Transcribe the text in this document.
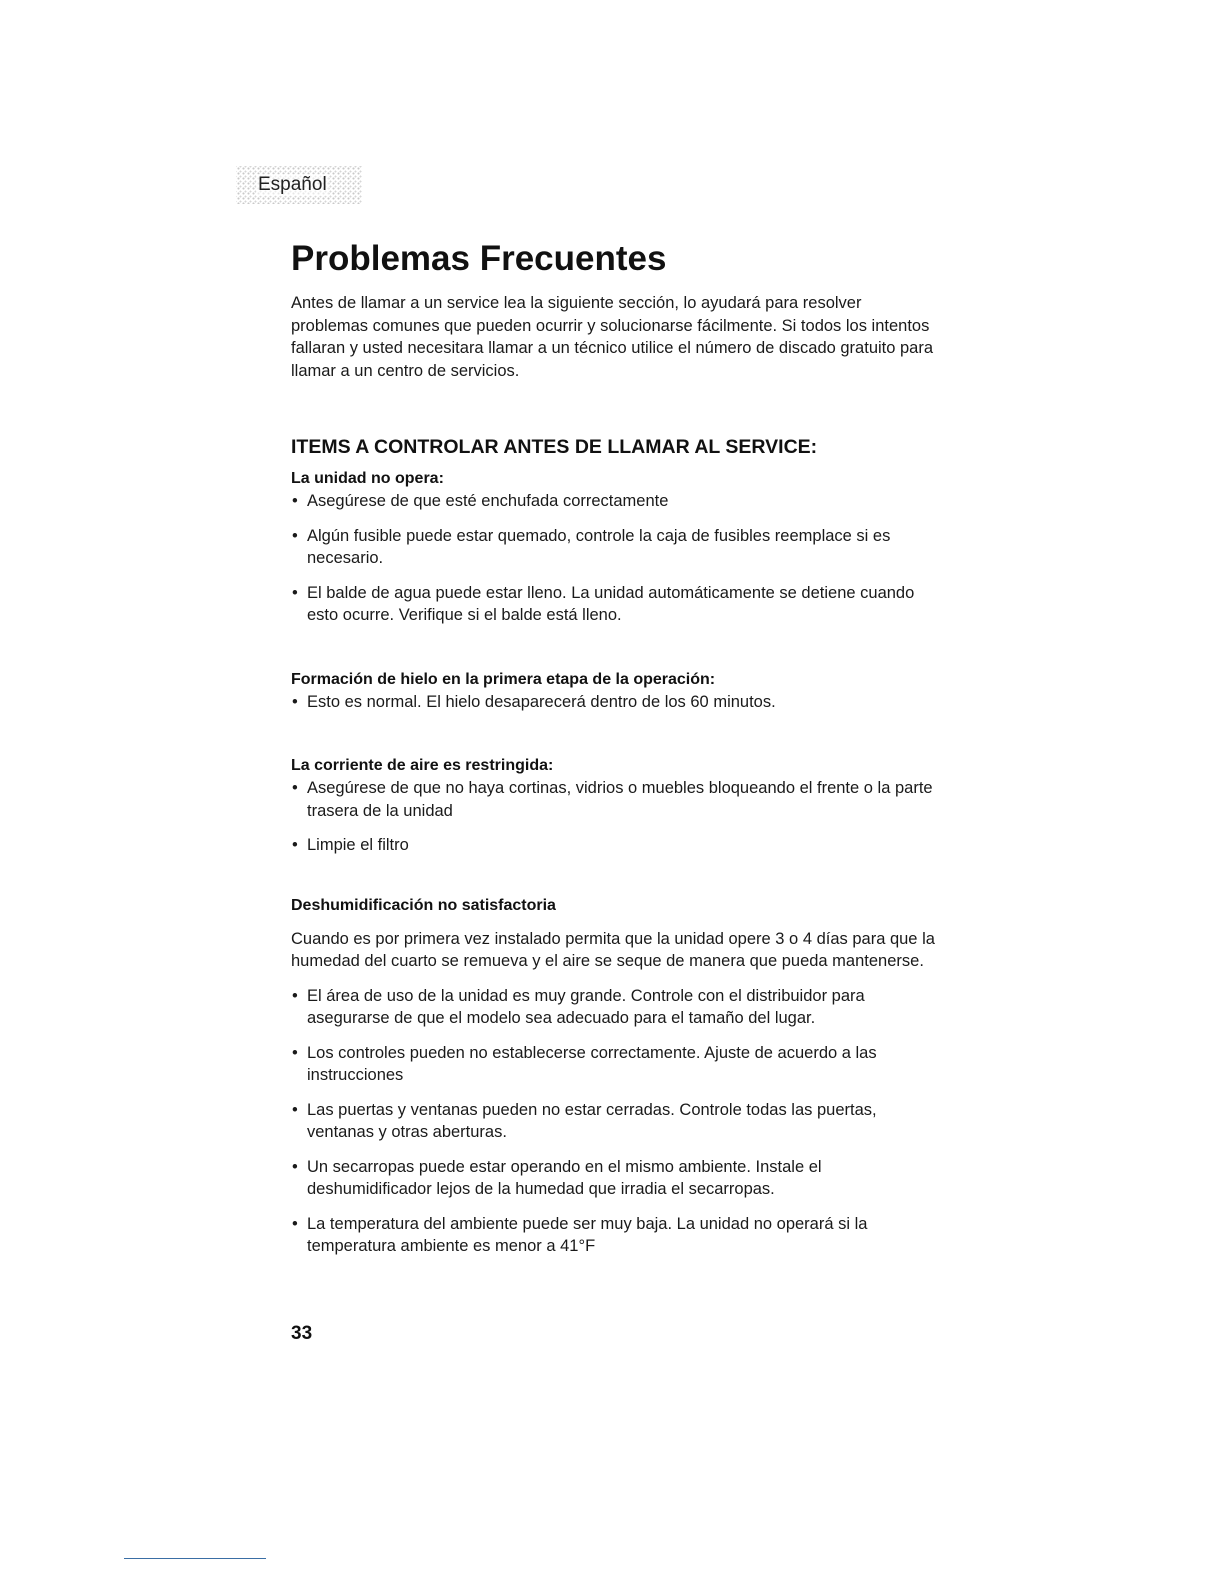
Español
Problemas Frecuentes

Antes de llamar a un service lea la siguiente sección, lo ayudará para resolver problemas comunes que pueden ocurrir y solucionarse fácilmente. Si todos los intentos fallaran y usted necesitara llamar a un técnico utilice el número de discado gratuito para llamar a un centro de servicios.

ITEMS A CONTROLAR ANTES DE LLAMAR AL SERVICE:
La unidad no opera:
• Asegúrese de que esté enchufada correctamente
• Algún fusible puede estar quemado, controle la caja de fusibles reemplace si es necesario.
• El balde de agua puede estar lleno. La unidad automáticamente se detiene cuando esto ocurre. Verifique si el balde está lleno.
Formación de hielo en la primera etapa de la operación:
• Esto es normal. El hielo desaparecerá dentro de los 60 minutos.
La corriente de aire es restringida:
• Asegúrese de que no haya cortinas, vidrios o muebles bloqueando el frente o la parte trasera de la unidad
• Limpie el filtro
Deshumidificación no satisfactoria

Cuando es por primera vez instalado permita que la unidad opere 3 o 4 días para que la humedad del cuarto se remueva y el aire se seque de manera que pueda mantenerse.

• El área de uso de la unidad es muy grande. Controle con el distribuidor para asegurarse de que el modelo sea adecuado para el tamaño del lugar.
• Los controles pueden no establecerse correctamente. Ajuste de acuerdo a las instrucciones
• Las puertas y ventanas pueden no estar cerradas. Controle todas las puertas, ventanas y otras aberturas.
• Un secarropas puede estar operando en el mismo ambiente. Instale el deshumidificador lejos de la humedad que irradia el secarropas.
• La temperatura del ambiente puede ser muy baja. La unidad no operará si la temperatura ambiente es menor a 41°F
33
